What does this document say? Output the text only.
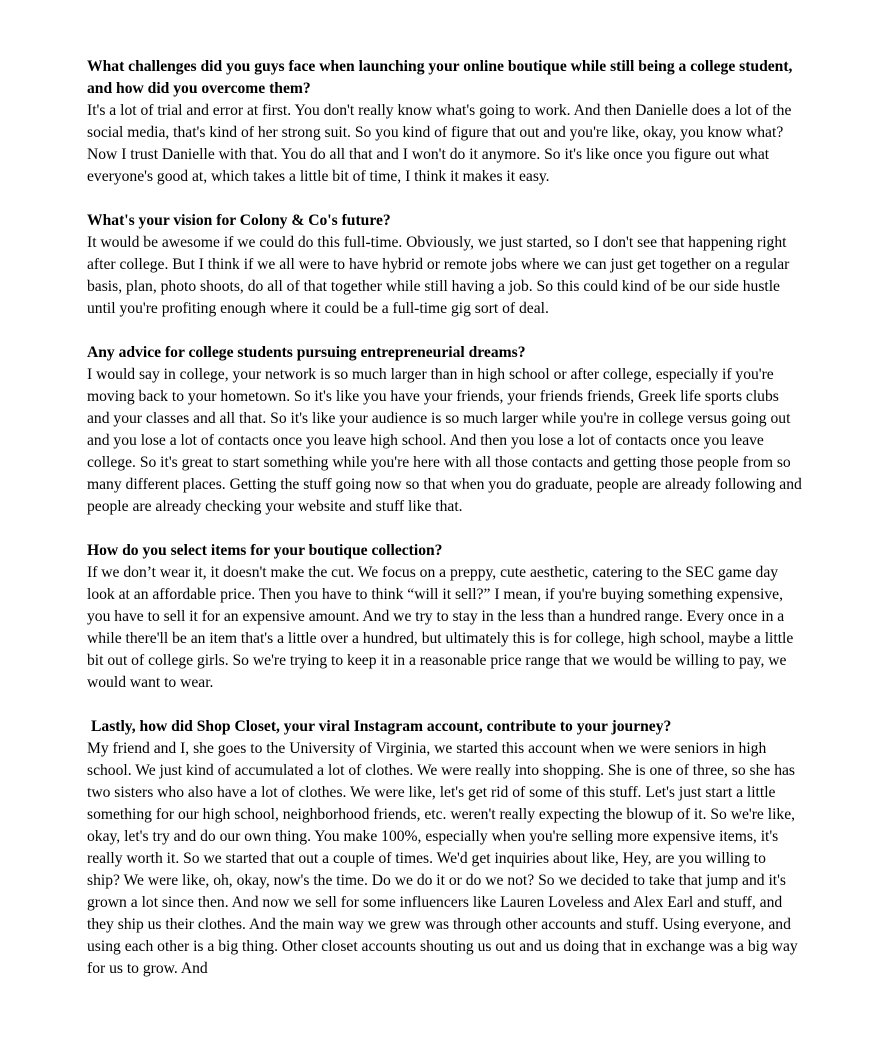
What challenges did you guys face when launching your online boutique while still being a college student, and how did you overcome them?

It's a lot of trial and error at first. You don't really know what's going to work. And then Danielle does a lot of the social media, that's kind of her strong suit. So you kind of figure that out and you're like, okay, you know what? Now I trust Danielle with that. You do all that and I won't do it anymore. So it's like once you figure out what everyone's good at, which takes a little bit of time, I think it makes it easy.

What's your vision for Colony & Co's future?

It would be awesome if we could do this full-time. Obviously, we just started, so I don't see that happening right after college. But I think if we all were to have hybrid or remote jobs where we can just get together on a regular basis, plan, photo shoots, do all of that together while still having a job. So this could kind of be our side hustle until you're profiting enough where it could be a full-time gig sort of deal.

Any advice for college students pursuing entrepreneurial dreams?

I would say in college, your network is so much larger than in high school or after college, especially if you're moving back to your hometown. So it's like you have your friends, your friends friends, Greek life sports clubs and your classes and all that. So it's like your audience is so much larger while you're in college versus going out and you lose a lot of contacts once you leave high school. And then you lose a lot of contacts once you leave college. So it's great to start something while you're here with all those contacts and getting those people from so many different places. Getting the stuff going now so that when you do graduate, people are already following and people are already checking your website and stuff like that.

How do you select items for your boutique collection?

If we don’t wear it, it doesn't make the cut. We focus on a preppy, cute aesthetic, catering to the SEC game day look at an affordable price. Then you have to think “will it sell?” I mean, if you're buying something expensive, you have to sell it for an expensive amount. And we try to stay in the less than a hundred range. Every once in a while there'll be an item that's a little over a hundred, but ultimately this is for college, high school, maybe a little bit out of college girls. So we're trying to keep it in a reasonable price range that we would be willing to pay, we would want to wear.

Lastly, how did Shop Closet, your viral Instagram account, contribute to your journey?

My friend and I, she goes to the University of Virginia, we started this account when we were seniors in high school. We just kind of accumulated a lot of clothes. We were really into shopping. She is one of three, so she has two sisters who also have a lot of clothes. We were like, let's get rid of some of this stuff. Let's just start a little something for our high school, neighborhood friends, etc. weren't really expecting the blowup of it. So we're like, okay, let's try and do our own thing. You make 100%, especially when you're selling more expensive items, it's really worth it. So we started that out a couple of times. We'd get inquiries about like, Hey, are you willing to ship? We were like, oh, okay, now's the time. Do we do it or do we not? So we decided to take that jump and it's grown a lot since then. And now we sell for some influencers like Lauren Loveless and Alex Earl and stuff, and they ship us their clothes. And the main way we grew was through other accounts and stuff. Using everyone, and using each other is a big thing. Other closet accounts shouting us out and us doing that in exchange was a big way for us to grow. And
